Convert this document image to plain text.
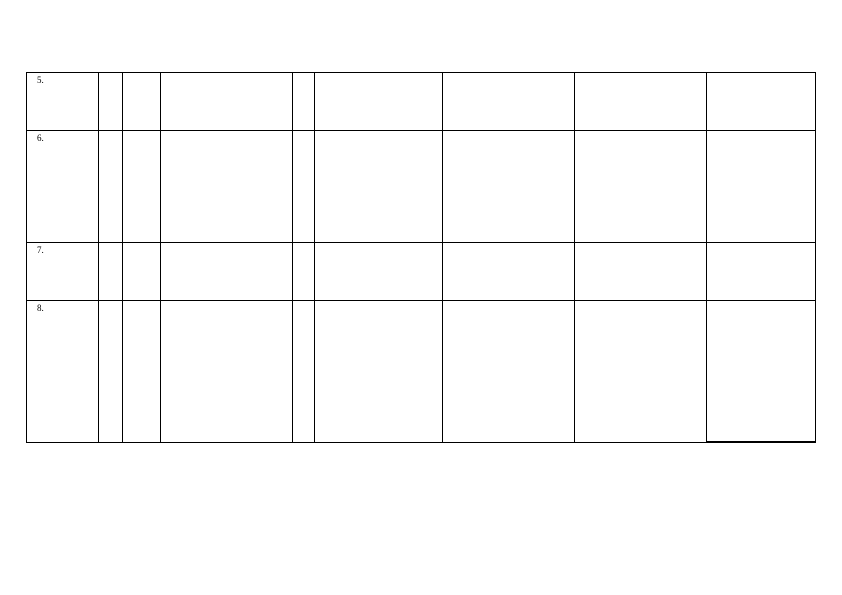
5.
6.
7.
8.
